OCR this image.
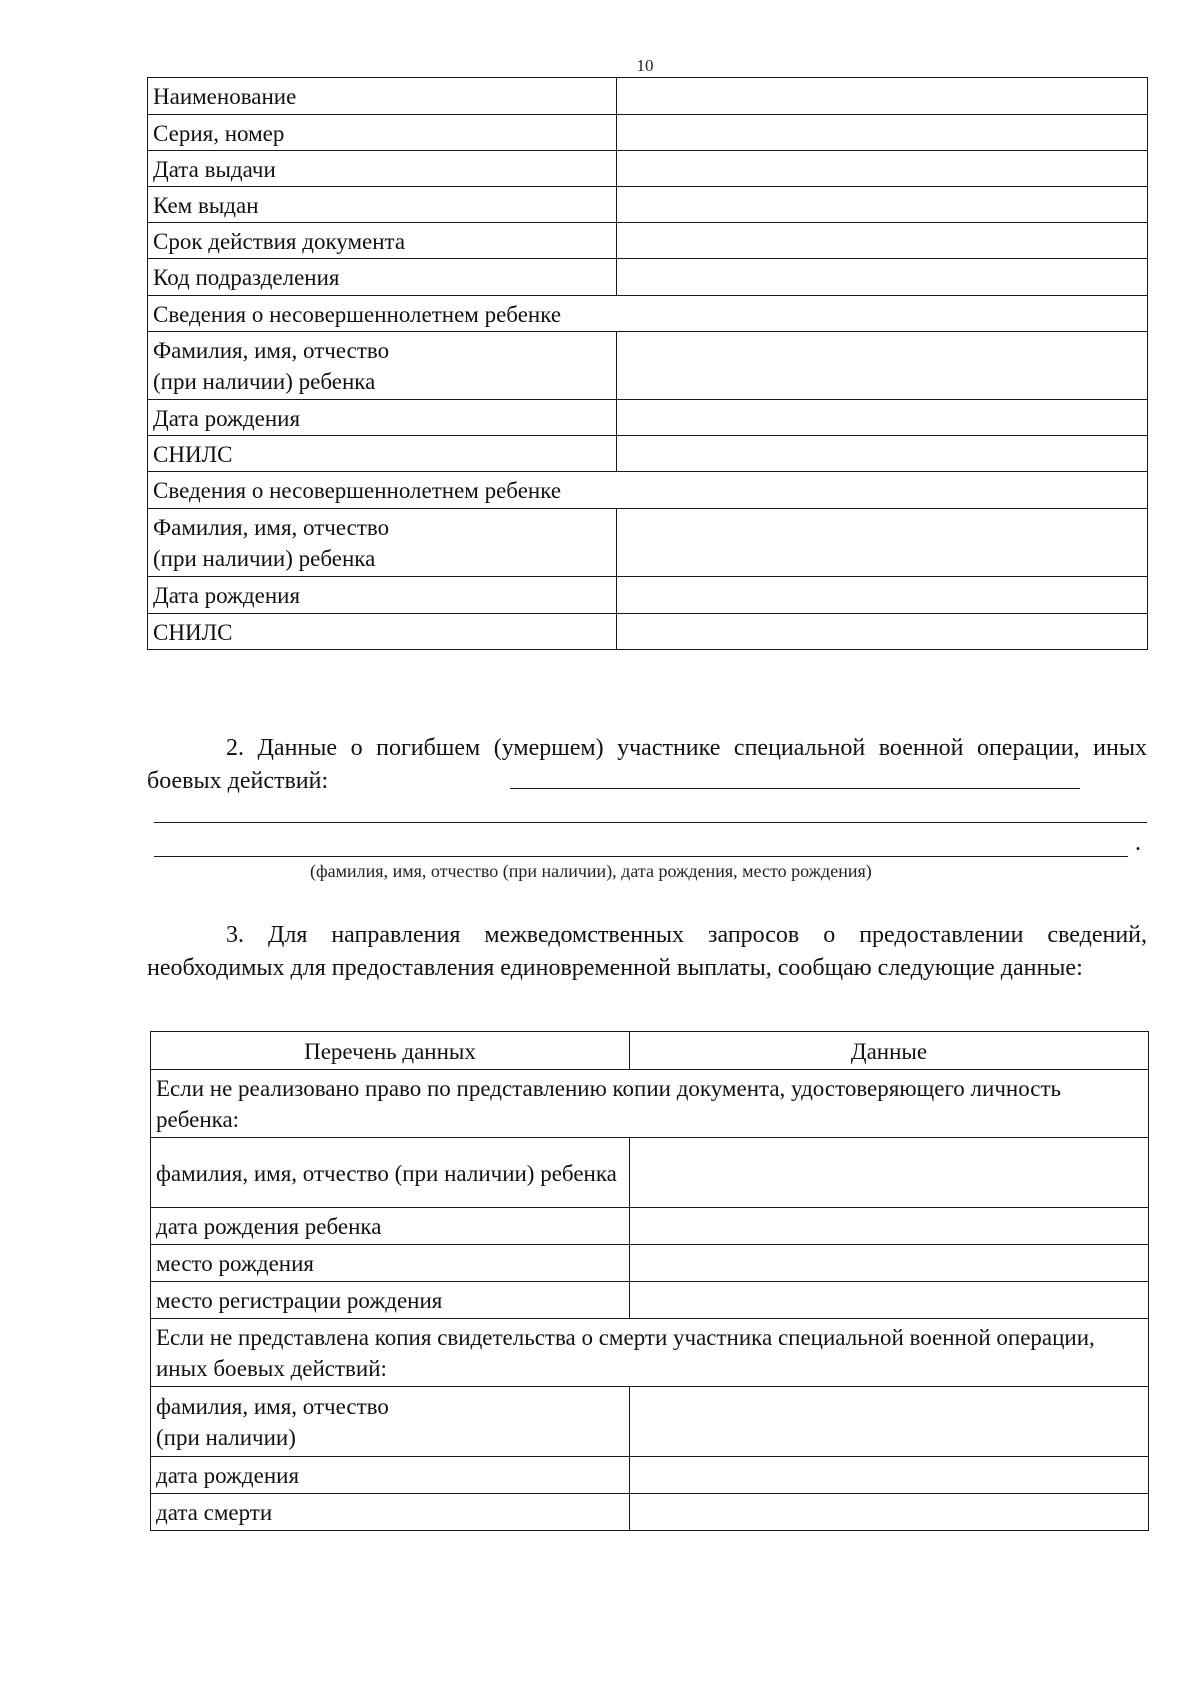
10
Наименование	
Серия, номер	
Дата выдачи	
Кем выдан	
Срок действия документа	
Код подразделения	
Сведения о несовершеннолетнем ребенке	
Фамилия, имя, отчество
(при наличии) ребенка	
Дата рождения	
СНИЛС	
Сведения о несовершеннолетнем ребенке	
Фамилия, имя, отчество
(при наличии) ребенка	
Дата рождения	
СНИЛС	
2. Данные о погибшем (умершем) участнике специальной военной операции, иных боевых действий:
.
(фамилия, имя, отчество (при наличии), дата рождения, место рождения)
3. Для направления межведомственных запросов о предоставлении сведений, необходимых для предоставления единовременной выплаты, сообщаю следующие данные:
Перечень данных	Данные
Если не реализовано право по представлению копии документа, удостоверяющего личность ребенка:	
фамилия, имя, отчество (при наличии) ребенка	
дата рождения ребенка	
место рождения	
место регистрации рождения	
Если не представлена копия свидетельства о смерти участника специальной военной операции, иных боевых действий:	
фамилия, имя, отчество
(при наличии)	
дата рождения	
дата смерти	
